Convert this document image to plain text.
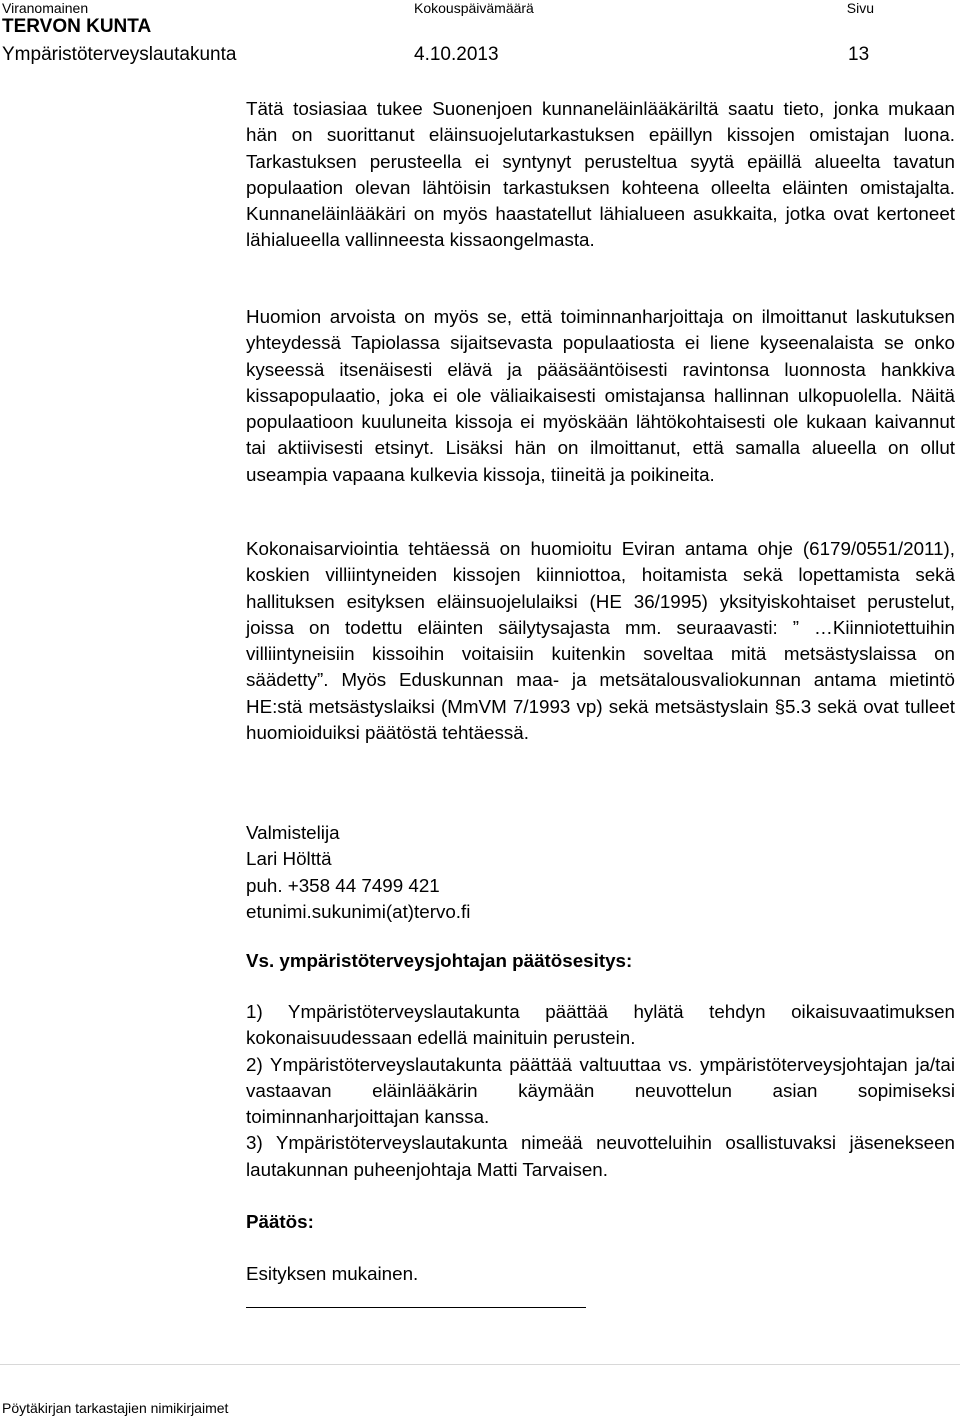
Viranomainen	Kokouspäivämäärä	Sivu
TERVON KUNTA
Ympäristöterveyslautakunta	4.10.2013	13

Tätä tosiasiaa tukee Suonenjoen kunnaneläinlääkäriltä saatu tieto, jonka mukaan hän on suorittanut eläinsuojelutarkastuksen epäillyn kissojen omistajan luona. Tarkastuksen perusteella ei syntynyt perusteltua syytä epäillä alueelta tavatun populaation olevan lähtöisin tarkastuksen kohteena olleelta eläinten omistajalta. Kunnaneläinlääkäri on myös haastatellut lähialueen asukkaita, jotka ovat kertoneet lähialueella vallinneesta kissaongelmasta.

Huomion arvoista on myös se, että toiminnanharjoittaja on ilmoittanut laskutuksen yhteydessä Tapiolassa sijaitsevasta populaatiosta ei liene kyseenalaista se onko kyseessä itsenäisesti elävä ja pääsääntöisesti ravintonsa luonnosta hankkiva kissapopulaatio, joka ei ole väliaikaisesti omistajansa hallinnan ulkopuolella. Näitä populaatioon kuuluneita kissoja ei myöskään lähtökohtaisesti ole kukaan kaivannut tai aktiivisesti etsinyt. Lisäksi hän on ilmoittanut, että samalla alueella on ollut useampia vapaana kulkevia kissoja, tiineitä ja poikineita.

Kokonaisarviointia tehtäessä on huomioitu Eviran antama ohje (6179/0551/2011), koskien villiintyneiden kissojen kiinniottoa, hoitamista sekä lopettamista sekä hallituksen esityksen eläinsuojelulaiksi (HE 36/1995) yksityiskohtaiset perustelut, joissa on todettu eläinten säilytysajasta mm. seuraavasti: ” …Kiinniotettuihin villiintyneisiin kissoihin voitaisiin kuitenkin soveltaa mitä metsästyslaissa on säädetty”. Myös Eduskunnan maa- ja metsätalousvaliokunnan antama mietintö HE:stä metsästyslaiksi (MmVM 7/1993 vp) sekä metsästyslain §5.3 sekä ovat tulleet huomioiduiksi päätöstä tehtäessä.

Valmistelija

Lari Hölttä

puh. +358 44 7499 421

etunimi.sukunimi(at)tervo.fi

Vs. ympäristöterveysjohtajan päätösesitys:

1) Ympäristöterveyslautakunta päättää hylätä tehdyn oikaisuvaatimuksen kokonaisuudessaan edellä mainituin perustein.

2) Ympäristöterveyslautakunta päättää valtuuttaa vs. ympäristöterveysjohtajan ja/tai vastaavan eläinlääkärin käymään neuvottelun asian sopimiseksi toiminnanharjoittajan kanssa.

3) Ympäristöterveyslautakunta nimeää neuvotteluihin osallistuvaksi jäsenekseen lautakunnan puheenjohtaja Matti Tarvaisen.

Päätös:
Esityksen mukainen.
Pöytäkirjan tarkastajien nimikirjaimet
